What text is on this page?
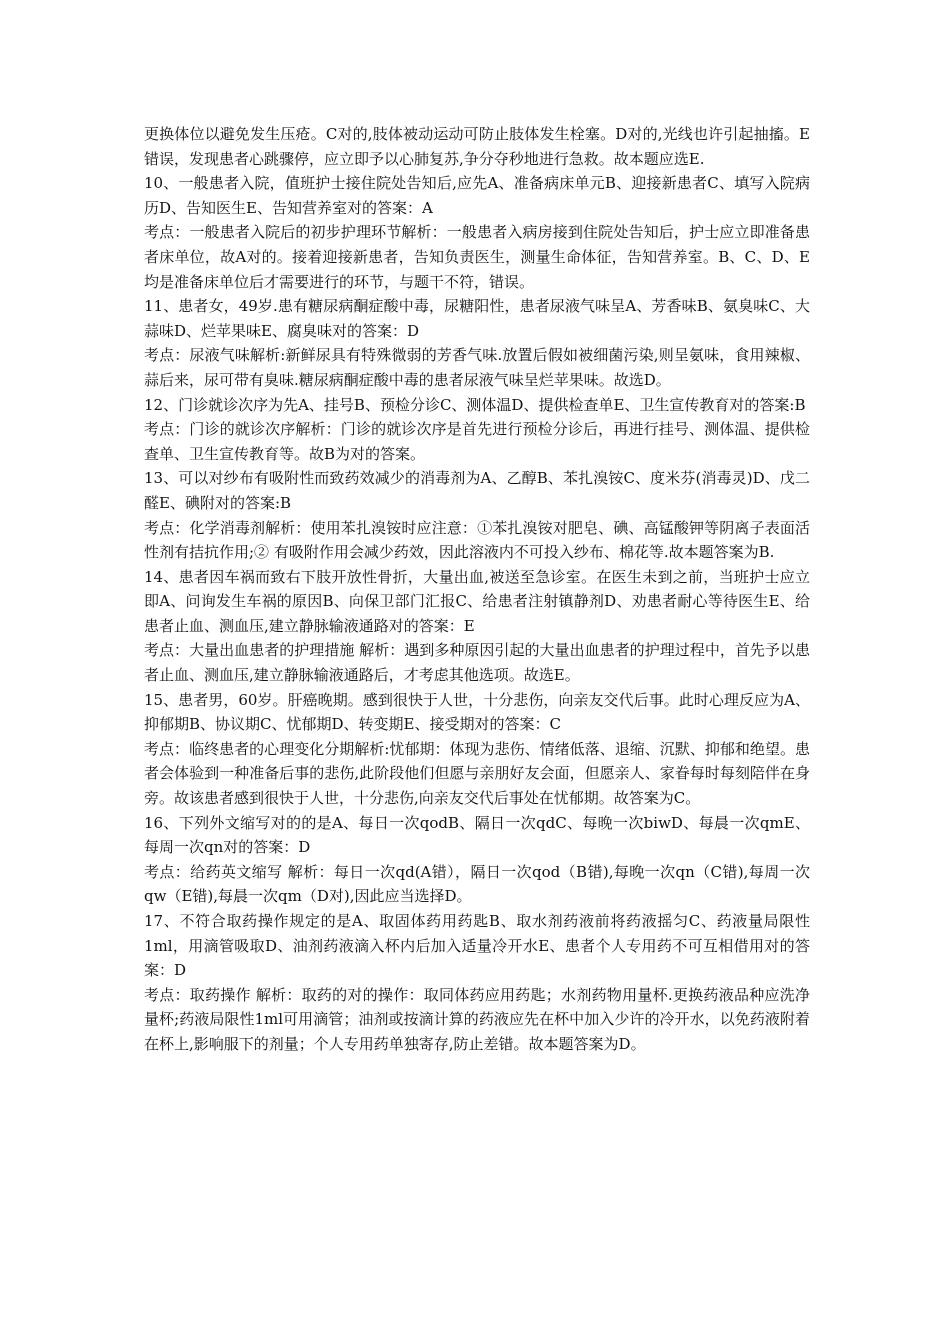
更换体位以避免发生压疮。C对的,肢体被动运动可防止肢体发生栓塞。D对的,光线也许引起抽搐。E错误，发现患者心跳骤停，应立即予以心肺复苏,争分夺秒地进行急救。故本题应选E.

10、一般患者入院，值班护士接住院处告知后,应先A、准备病床单元B、迎接新患者C、填写入院病历D、告知医生E、告知营养室对的答案：A

考点：一般患者入院后的初步护理环节解析：一般患者入病房接到住院处告知后，护士应立即准备患者床单位，故A对的。接着迎接新患者，告知负责医生，测量生命体征，告知营养室。B、C、D、E均是准备床单位后才需要进行的环节，与题干不符，错误。

11、患者女，49岁.患有糖尿病酮症酸中毒，尿糖阳性，患者尿液气味呈A、芳香味B、氨臭味C、大蒜味D、烂苹果味E、腐臭味对的答案：D

考点：尿液气味解析:新鲜尿具有特殊微弱的芳香气味.放置后假如被细菌污染,则呈氨味，食用辣椒、蒜后来，尿可带有臭味.糖尿病酮症酸中毒的患者尿液气味呈烂苹果味。故选D。

12、门诊就诊次序为先A、挂号B、预检分诊C、测体温D、提供检查单E、卫生宣传教育对的答案:B

考点：门诊的就诊次序解析：门诊的就诊次序是首先进行预检分诊后，再进行挂号、测体温、提供检查单、卫生宣传教育等。故B为对的答案。

13、可以对纱布有吸附性而致药效减少的消毒剂为A、乙醇B、苯扎溴铵C、度米芬(消毒灵)D、戊二醛E、碘附对的答案:B

考点：化学消毒剂解析：使用苯扎溴铵时应注意：①苯扎溴铵对肥皂、碘、高锰酸钾等阴离子表面活性剂有拮抗作用;② 有吸附作用会减少药效，因此溶液内不可投入纱布、棉花等.故本题答案为B.

14、患者因车祸而致右下肢开放性骨折，大量出血,被送至急诊室。在医生未到之前，当班护士应立即A、问询发生车祸的原因B、向保卫部门汇报C、给患者注射镇静剂D、劝患者耐心等待医生E、给患者止血、测血压,建立静脉输液通路对的答案：E

考点：大量出血患者的护理措施 解析：遇到多种原因引起的大量出血患者的护理过程中，首先予以患者止血、测血压,建立静脉输液通路后，才考虑其他选项。故选E。

15、患者男，60岁。肝癌晚期。感到很快于人世，十分悲伤，向亲友交代后事。此时心理反应为A、抑郁期B、协议期C、忧郁期D、转变期E、接受期对的答案：C

考点：临终患者的心理变化分期解析:忧郁期：体现为悲伤、情绪低落、退缩、沉默、抑郁和绝望。患者会体验到一种准备后事的悲伤,此阶段他们但愿与亲朋好友会面，但愿亲人、家眷每时每刻陪伴在身旁。故该患者感到很快于人世，十分悲伤,向亲友交代后事处在忧郁期。故答案为C。

16、下列外文缩写对的的是A、每日一次qodB、隔日一次qdC、每晚一次biwD、每晨一次qmE、每周一次qn对的答案：D

考点：给药英文缩写 解析：每日一次qd(A错），隔日一次qod（B错),每晚一次qn（C错),每周一次qw（E错),每晨一次qm（D对),因此应当选择D。

17、不符合取药操作规定的是A、取固体药用药匙B、取水剂药液前将药液摇匀C、药液量局限性1ml，用滴管吸取D、油剂药液滴入杯内后加入适量冷开水E、患者个人专用药不可互相借用对的答案：D

考点：取药操作 解析：取药的对的操作：取同体药应用药匙；水剂药物用量杯.更换药液品种应洗净量杯;药液局限性1ml可用滴管；油剂或按滴计算的药液应先在杯中加入少许的冷开水，以免药液附着在杯上,影响服下的剂量；个人专用药单独寄存,防止差错。故本题答案为D。
